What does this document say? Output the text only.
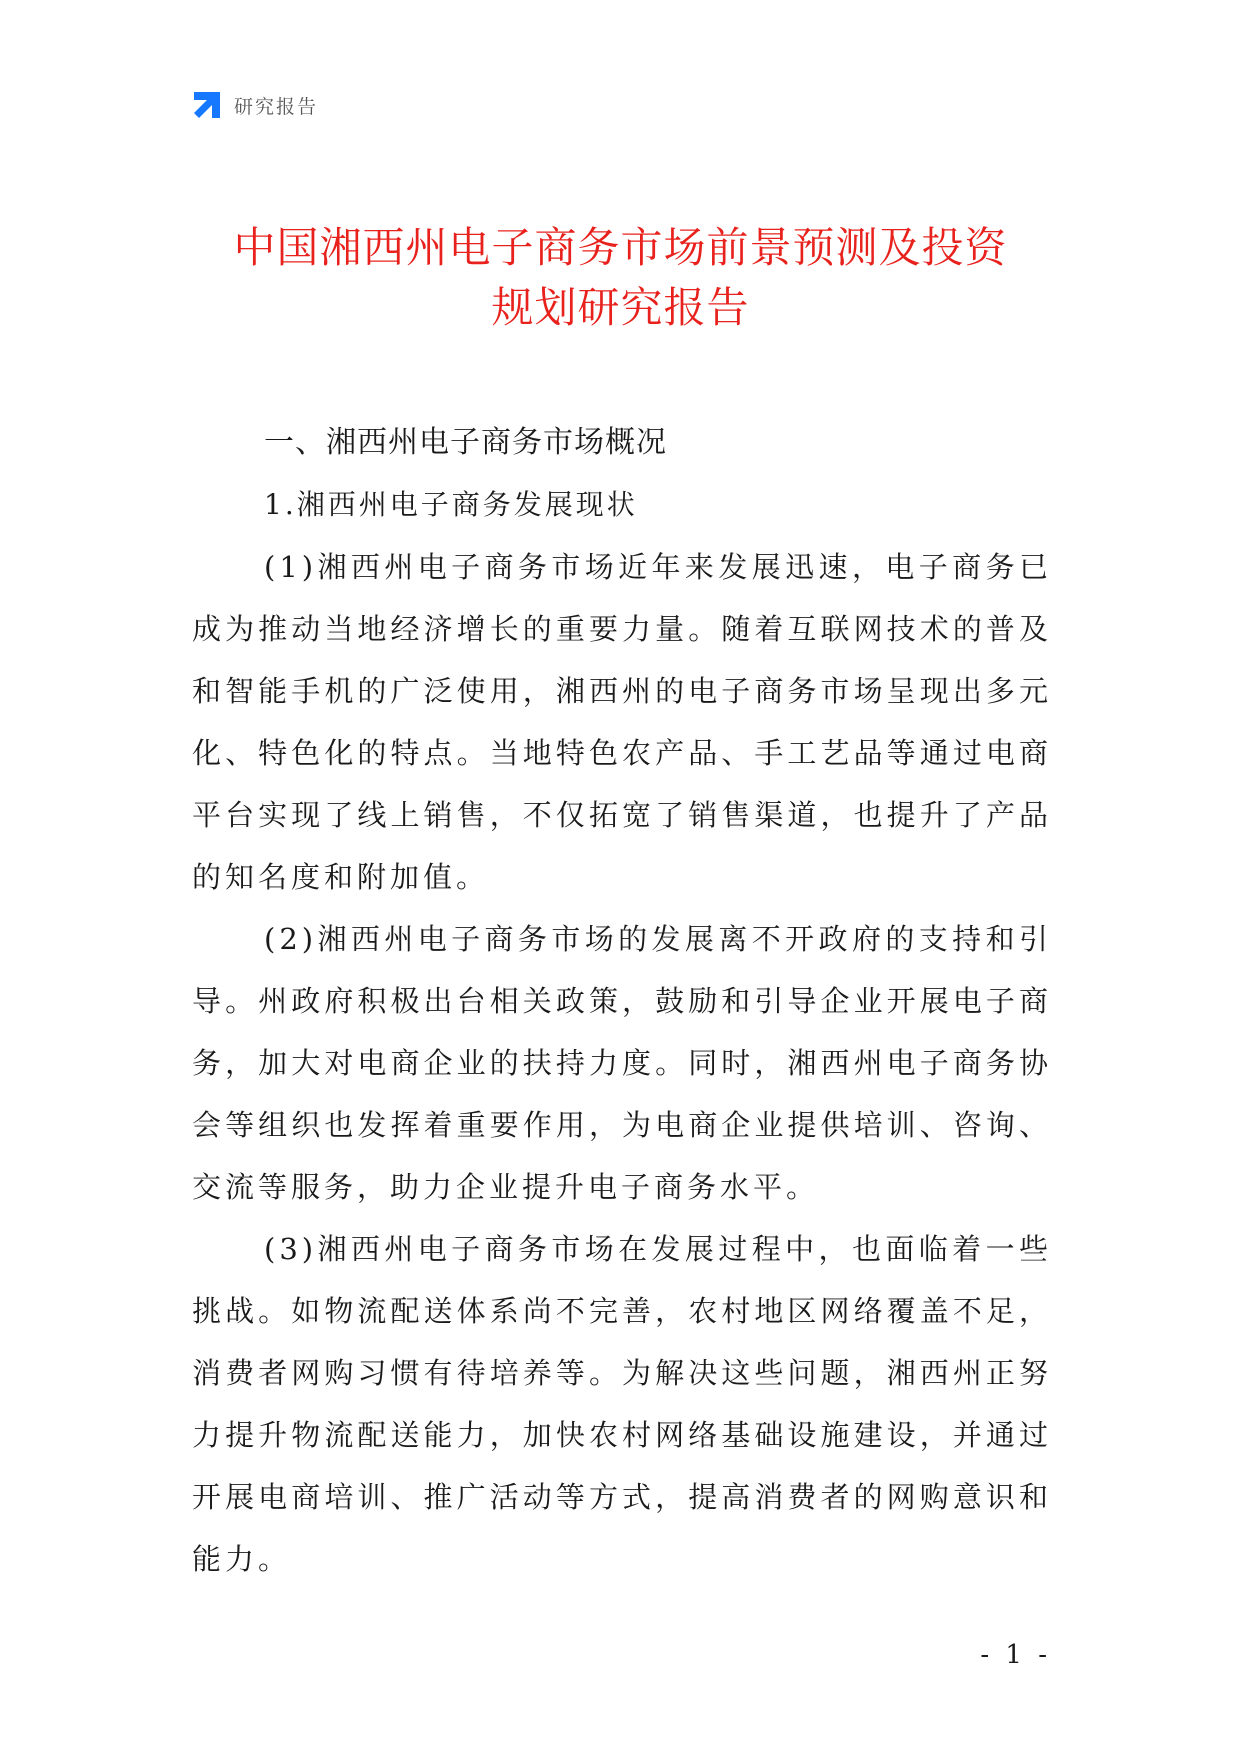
研究报告
中国湘西州电子商务市场前景预测及投资
规划研究报告

一、湘西州电子商务市场概况

1.湘西州电子商务发展现状

(1)湘西州电子商务市场近年来发展迅速，电子商务已成为推动当地经济增长的重要力量。随着互联网技术的普及和智能手机的广泛使用，湘西州的电子商务市场呈现出多元化、特色化的特点。当地特色农产品、手工艺品等通过电商平台实现了线上销售，不仅拓宽了销售渠道，也提升了产品的知名度和附加值。

(2)湘西州电子商务市场的发展离不开政府的支持和引导。州政府积极出台相关政策，鼓励和引导企业开展电子商务，加大对电商企业的扶持力度。同时，湘西州电子商务协会等组织也发挥着重要作用，为电商企业提供培训、咨询、交流等服务，助力企业提升电子商务水平。

(3)湘西州电子商务市场在发展过程中，也面临着一些挑战。如物流配送体系尚不完善，农村地区网络覆盖不足，消费者网购习惯有待培养等。为解决这些问题，湘西州正努力提升物流配送能力，加快农村网络基础设施建设，并通过开展电商培训、推广活动等方式，提高消费者的网购意识和能力。

- 1 -
